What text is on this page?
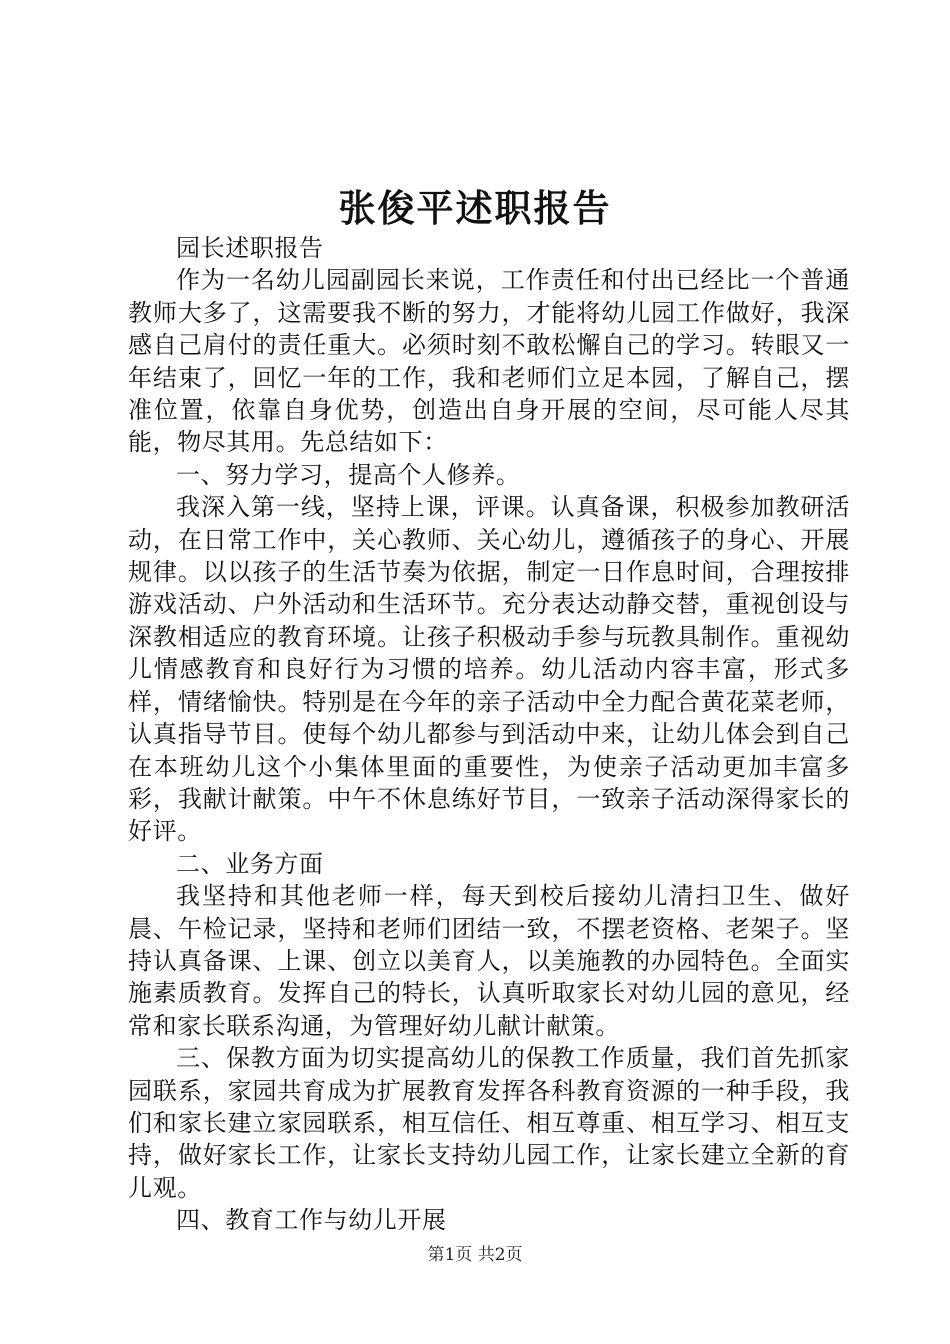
张俊平述职报告

园长述职报告

作为一名幼儿园副园长来说，工作责任和付出已经比一个普通教师大多了，这需要我不断的努力，才能将幼儿园工作做好，我深感自己肩付的责任重大。必须时刻不敢松懈自己的学习。转眼又一年结束了，回忆一年的工作，我和老师们立足本园，了解自己，摆准位置，依靠自身优势，创造出自身开展的空间，尽可能人尽其能，物尽其用。先总结如下：

一、努力学习，提高个人修养。

我深入第一线，坚持上课，评课。认真备课，积极参加教研活动，在日常工作中，关心教师、关心幼儿，遵循孩子的身心、开展规律。以以孩子的生活节奏为依据，制定一日作息时间，合理按排游戏活动、户外活动和生活环节。充分表达动静交替，重视创设与深教相适应的教育环境。让孩子积极动手参与玩教具制作。重视幼儿情感教育和良好行为习惯的培养。幼儿活动内容丰富，形式多样，情绪愉快。特别是在今年的亲子活动中全力配合黄花菜老师，认真指导节目。使每个幼儿都参与到活动中来，让幼儿体会到自己在本班幼儿这个小集体里面的重要性，为使亲子活动更加丰富多彩，我献计献策。中午不休息练好节目，一致亲子活动深得家长的好评。

二、业务方面

我坚持和其他老师一样，每天到校后接幼儿清扫卫生、做好晨、午检记录，坚持和老师们团结一致，不摆老资格、老架子。坚持认真备课、上课、创立以美育人，以美施教的办园特色。全面实施素质教育。发挥自己的特长，认真听取家长对幼儿园的意见，经常和家长联系沟通，为管理好幼儿献计献策。

三、保教方面为切实提高幼儿的保教工作质量，我们首先抓家园联系，家园共育成为扩展教育发挥各科教育资源的一种手段，我们和家长建立家园联系，相互信任、相互尊重、相互学习、相互支持，做好家长工作，让家长支持幼儿园工作，让家长建立全新的育儿观。

四、教育工作与幼儿开展

第1页 共2页
